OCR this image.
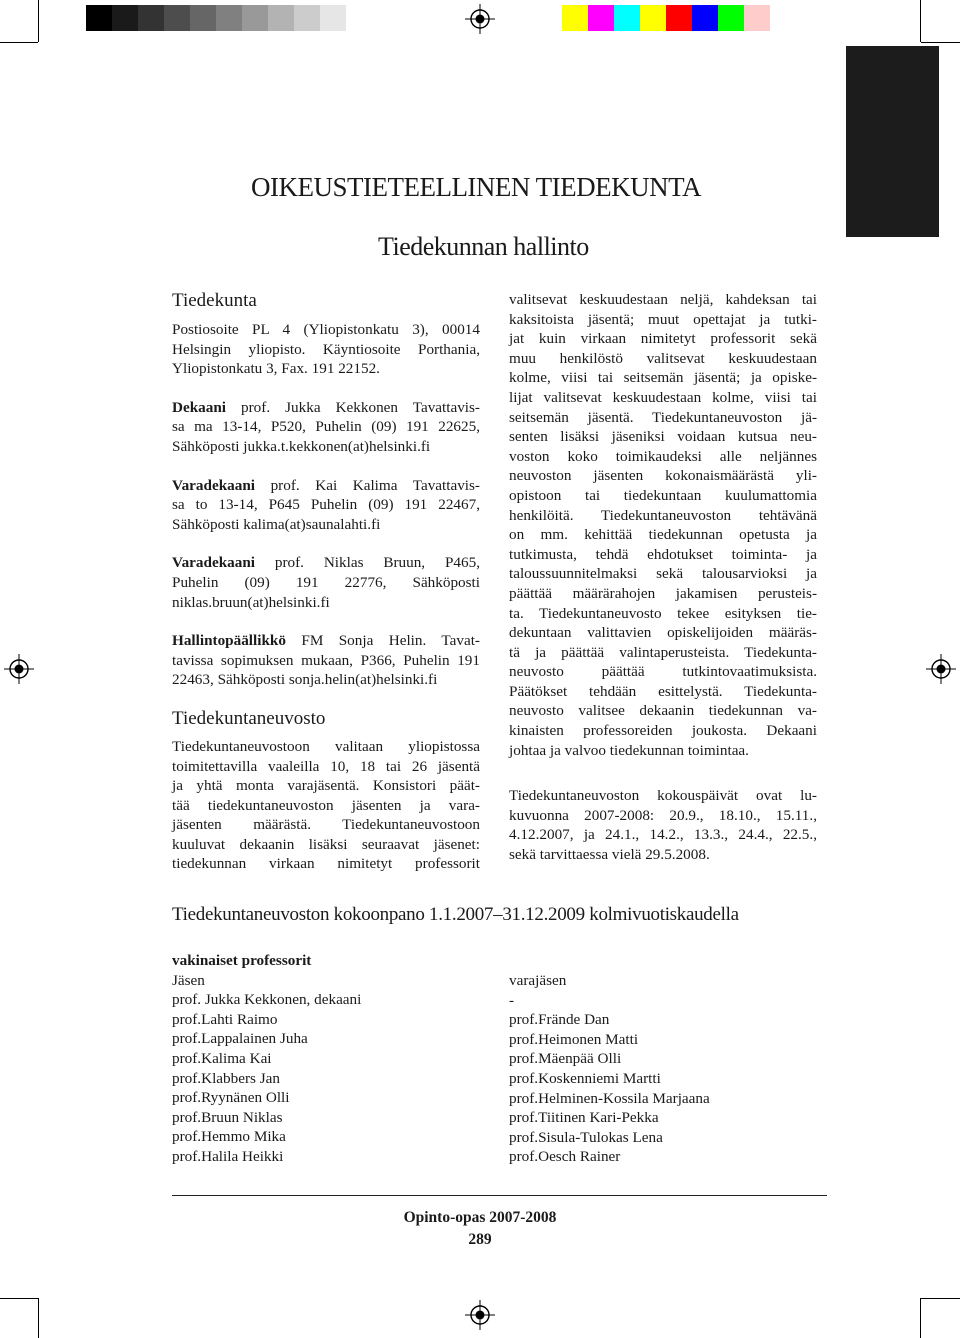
OIKEUSTIETEELLINEN TIEDEKUNTA
Tiedekunnan hallinto

Tiedekunta

Postiosoite PL 4 (Yliopistonkatu 3), 00014

Helsingin yliopisto. Käyntiosoite Porthania,

Yliopistonkatu 3, Fax. 191 22152.

Dekaani prof. Jukka Kekkonen Tavattavis-

sa ma 13-14, P520, Puhelin (09) 191 22625,

Sähköposti jukka.t.kekkonen(at)helsinki.fi

Varadekaani prof. Kai Kalima Tavattavis-

sa to 13-14, P645 Puhelin (09) 191 22467,

Sähköposti kalima(at)saunalahti.fi

Varadekaani prof. Niklas Bruun, P465,

Puhelin (09) 191 22776, Sähköposti

niklas.bruun(at)helsinki.fi

Hallintopäällikkö FM Sonja Helin. Tavat-

tavissa sopimuksen mukaan, P366, Puhelin 191

22463, Sähköposti sonja.helin(at)helsinki.fi

Tiedekuntaneuvosto

Tiedekuntaneuvostoon valitaan yliopistossa

toimitettavilla vaaleilla 10, 18 tai 26 jäsentä

ja yhtä monta varajäsentä. Konsistori päät-

tää tiedekuntaneuvoston jäsenten ja vara-

jäsenten määrästä. Tiedekuntaneuvostoon

kuuluvat dekaanin lisäksi seuraavat jäsenet:

tiedekunnan virkaan nimitetyt professorit

valitsevat keskuudestaan neljä, kahdeksan tai

kaksitoista jäsentä; muut opettajat ja tutki-

jat kuin virkaan nimitetyt professorit sekä

muu henkilöstö valitsevat keskuudestaan

kolme, viisi tai seitsemän jäsentä; ja opiske-

lijat valitsevat keskuudestaan kolme, viisi tai

seitsemän jäsentä. Tiedekuntaneuvoston jä-

senten lisäksi jäseniksi voidaan kutsua neu-

voston koko toimikaudeksi alle neljännes

neuvoston jäsenten kokonaismäärästä yli-

opistoon tai tiedekuntaan kuulumattomia

henkilöitä. Tiedekuntaneuvoston tehtävänä

on mm. kehittää tiedekunnan opetusta ja

tutkimusta, tehdä ehdotukset toiminta- ja

taloussuunnitelmaksi sekä talousarvioksi ja

päättää määrärahojen jakamisen perusteis-

ta. Tiedekuntaneuvosto tekee esityksen tie-

dekuntaan valittavien opiskelijoiden määräs-

tä ja päättää valintaperusteista. Tiedekunta-

neuvosto päättää tutkintovaatimuksista.

Päätökset tehdään esittelystä. Tiedekunta-

neuvosto valitsee dekaanin tiedekunnan va-

kinaisten professoreiden joukosta. Dekaani

johtaa ja valvoo tiedekunnan toimintaa.

Tiedekuntaneuvoston kokouspäivät ovat lu-

kuvuonna 2007-2008: 20.9., 18.10., 15.11.,

4.12.2007, ja 24.1., 14.2., 13.3., 24.4., 22.5.,

sekä tarvittaessa vielä 29.5.2008.

Tiedekuntaneuvoston kokoonpano 1.1.2007–31.12.2009 kolmivuotiskaudella
vakinaiset professorit
Jäsen
prof. Jukka Kekkonen, dekaani
prof.Lahti Raimo
prof.Lappalainen Juha
prof.Kalima Kai
prof.Klabbers Jan
prof.Ryynänen Olli
prof.Bruun Niklas
prof.Hemmo Mika
prof.Halila Heikki
varajäsen
-
prof.Frände Dan
prof.Heimonen Matti
prof.Mäenpää Olli
prof.Koskenniemi Martti
prof.Helminen-Kossila Marjaana
prof.Tiitinen Kari-Pekka
prof.Sisula-Tulokas Lena
prof.Oesch Rainer
Opinto-opas 2007-2008
289
